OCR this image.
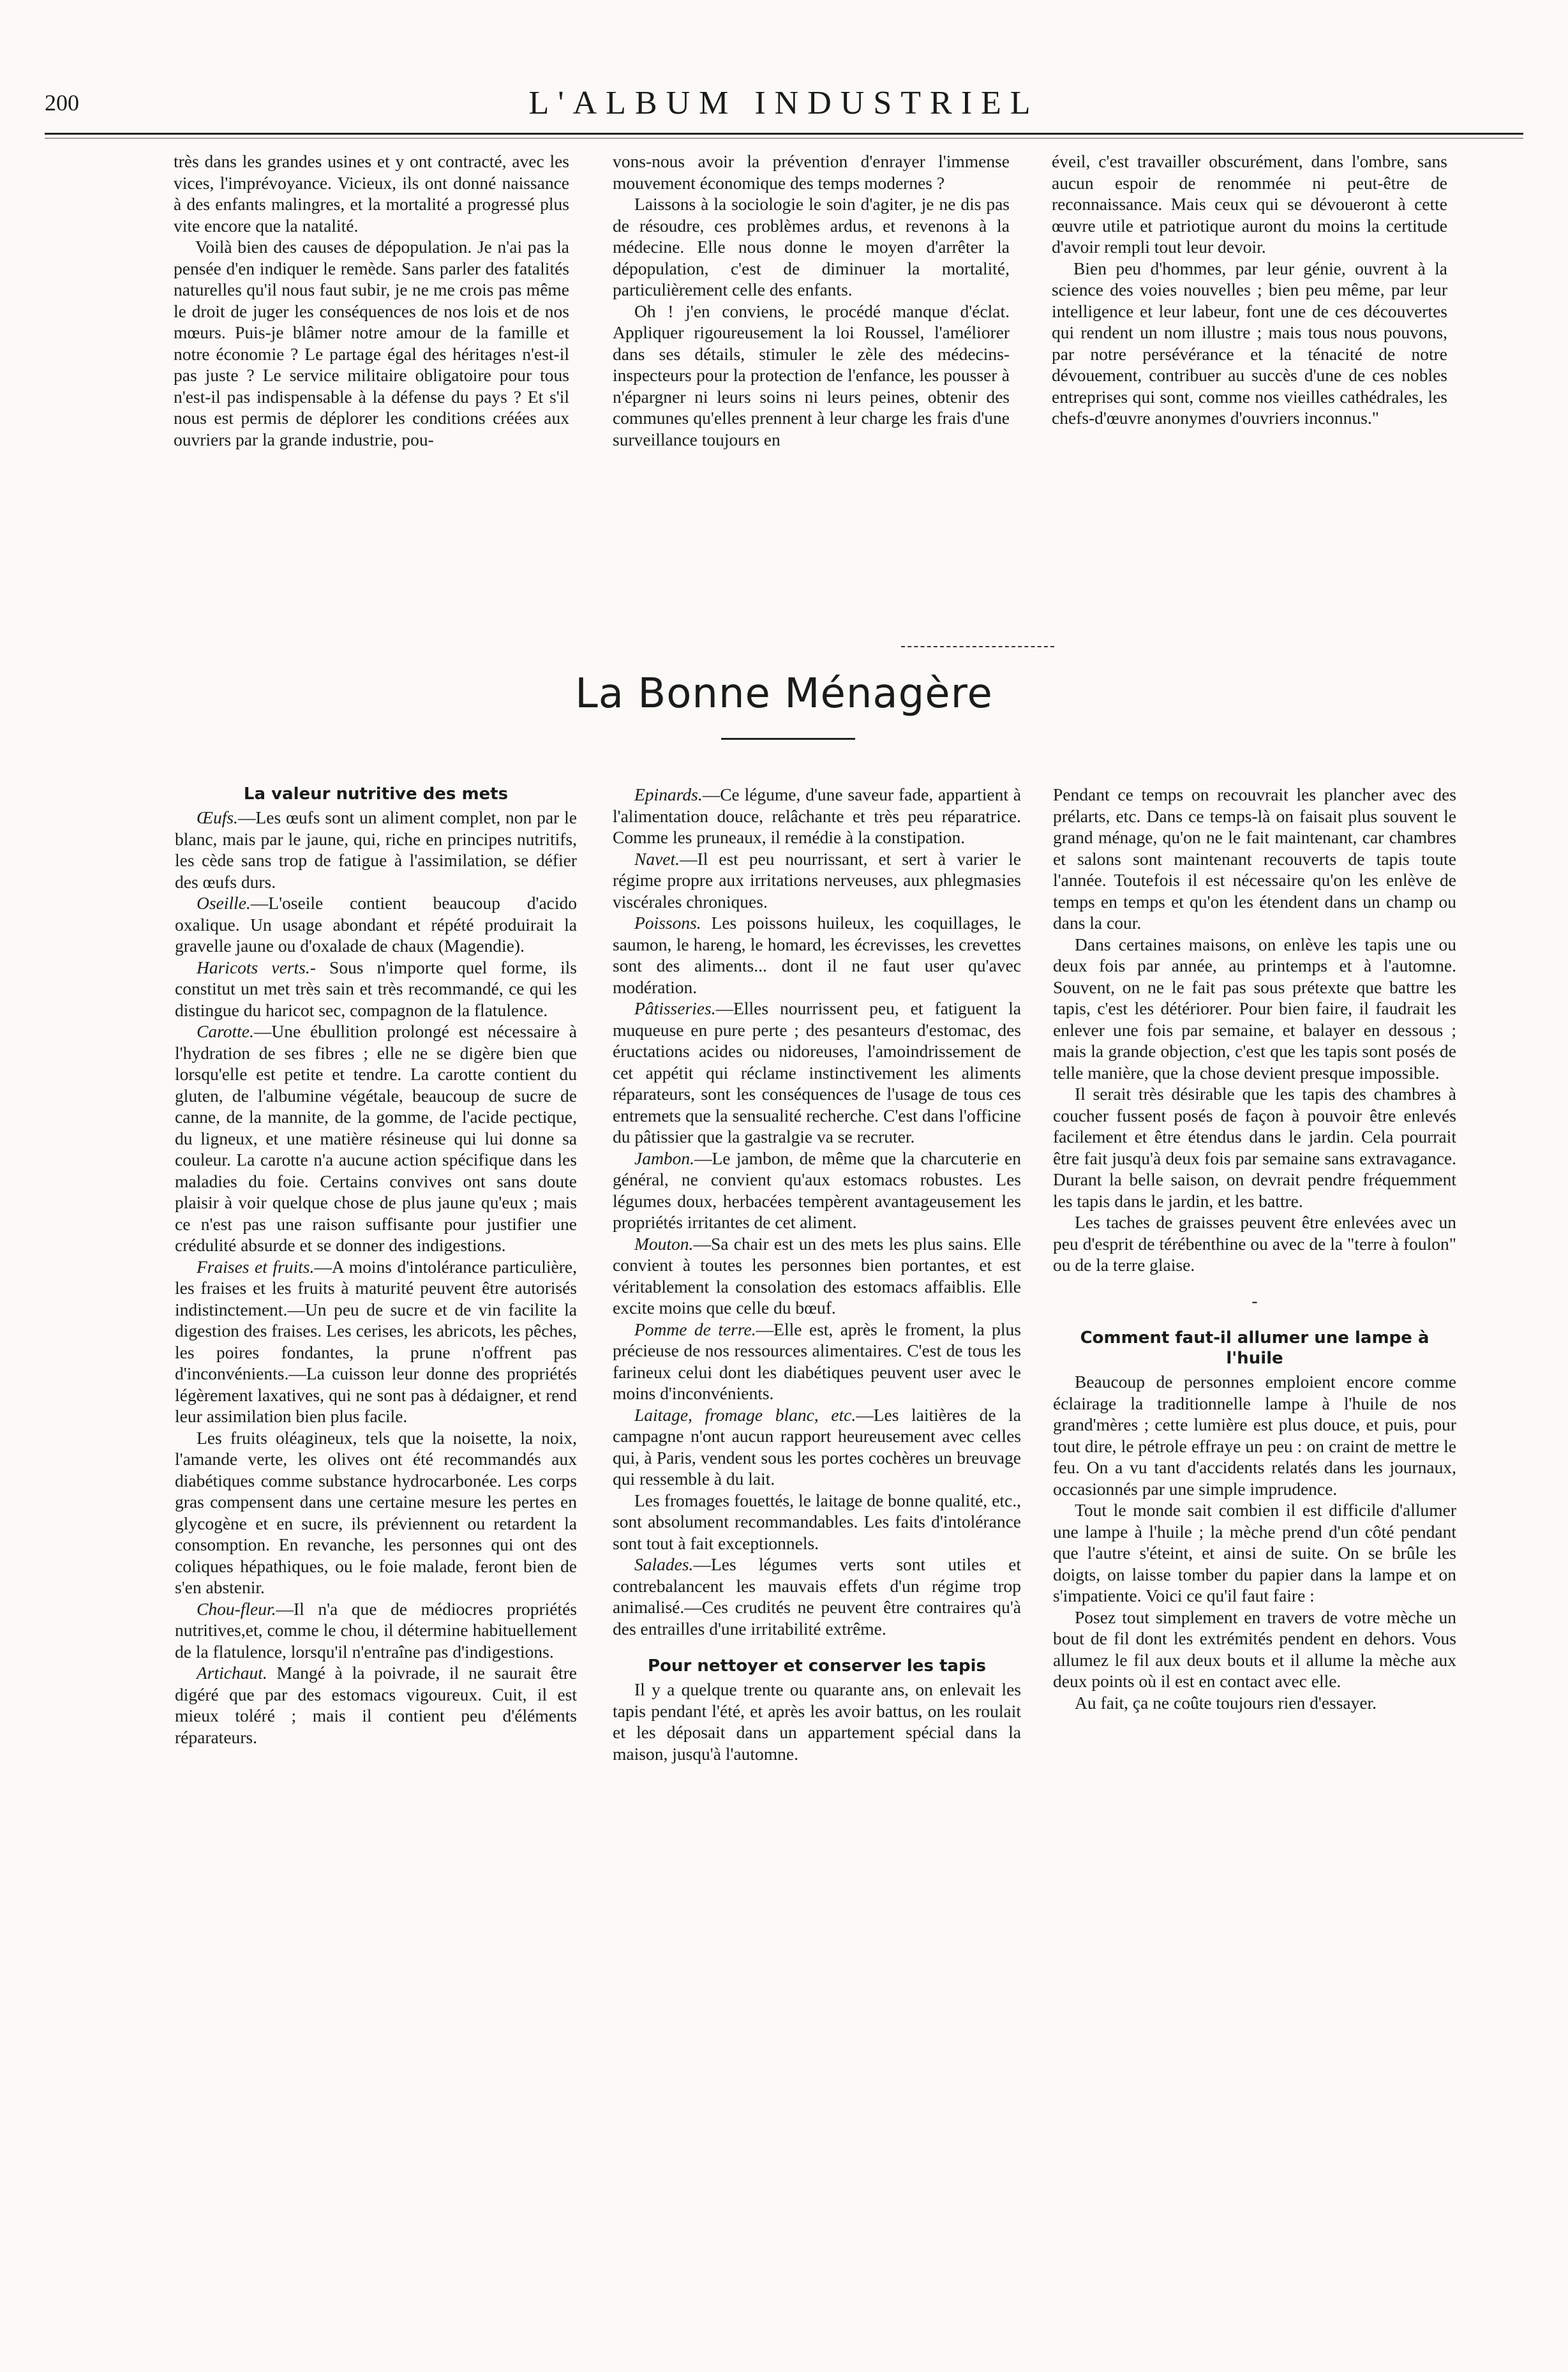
200	L'ALBUM INDUSTRIEL

très dans les grandes usines et y ont contracté, avec les vices, l'imprévoyance. Vicieux, ils ont donné naissance à des enfants malingres, et la mortalité a progressé plus vite encore que la natalité.

Voilà bien des causes de dépopulation. Je n'ai pas la pensée d'en indiquer le remède. Sans parler des fatalités naturelles qu'il nous faut subir, je ne me crois pas même le droit de juger les conséquences de nos lois et de nos mœurs. Puis-je blâmer notre amour de la famille et notre économie ? Le partage égal des héritages n'est-il pas juste ? Le service militaire obligatoire pour tous n'est-il pas indispensable à la défense du pays ? Et s'il nous est permis de déplorer les conditions créées aux ouvriers par la grande industrie, pou-

vons-nous avoir la prévention d'enrayer l'immense mouvement économique des temps modernes ?

Laissons à la sociologie le soin d'agiter, je ne dis pas de résoudre, ces problèmes ardus, et revenons à la médecine. Elle nous donne le moyen d'arrêter la dépopulation, c'est de diminuer la mortalité, particulièrement celle des enfants.

Oh ! j'en conviens, le procédé manque d'éclat. Appliquer rigoureusement la loi Roussel, l'améliorer dans ses détails, stimuler le zèle des médecins-inspecteurs pour la protection de l'enfance, les pousser à n'épargner ni leurs soins ni leurs peines, obtenir des communes qu'elles prennent à leur charge les frais d'une surveillance toujours en

éveil, c'est travailler obscurément, dans l'ombre, sans aucun espoir de renommée ni peut-être de reconnaissance. Mais ceux qui se dévoueront à cette œuvre utile et patriotique auront du moins la certitude d'avoir rempli tout leur devoir.

Bien peu d'hommes, par leur génie, ouvrent à la science des voies nouvelles ; bien peu même, par leur intelligence et leur labeur, font une de ces découvertes qui rendent un nom illustre ; mais tous nous pouvons, par notre persévérance et la ténacité de notre dévouement, contribuer au succès d'une de ces nobles entreprises qui sont, comme nos vieilles cathédrales, les chefs-d'œuvre anonymes d'ouvriers inconnus."

La Bonne Ménagère
La valeur nutritive des mets

Œufs.—Les œufs sont un aliment complet, non par le blanc, mais par le jaune, qui, riche en principes nutritifs, les cède sans trop de fatigue à l'assimilation, se défier des œufs durs.

Oseille.—L'oseile contient beaucoup d'acido oxalique. Un usage abondant et répété produirait la gravelle jaune ou d'oxalade de chaux (Magendie).

Haricots verts.- Sous n'importe quel forme, ils constitut un met très sain et très recommandé, ce qui les distingue du haricot sec, compagnon de la flatulence.

Carotte.—Une ébullition prolongé est nécessaire à l'hydration de ses fibres ; elle ne se digère bien que lorsqu'elle est petite et tendre. La carotte contient du gluten, de l'albumine végétale, beaucoup de sucre de canne, de la mannite, de la gomme, de l'acide pectique, du ligneux, et une matière résineuse qui lui donne sa couleur. La carotte n'a aucune action spécifique dans les maladies du foie. Certains convives ont sans doute plaisir à voir quelque chose de plus jaune qu'eux ; mais ce n'est pas une raison suffisante pour justifier une crédulité absurde et se donner des indigestions.

Fraises et fruits.—A moins d'intolérance particulière, les fraises et les fruits à maturité peuvent être autorisés indistinctement.—Un peu de sucre et de vin facilite la digestion des fraises. Les cerises, les abricots, les pêches, les poires fondantes, la prune n'offrent pas d'inconvénients.—La cuisson leur donne des propriétés légèrement laxatives, qui ne sont pas à dédaigner, et rend leur assimilation bien plus facile.

Les fruits oléagineux, tels que la noisette, la noix, l'amande verte, les olives ont été recommandés aux diabétiques comme substance hydrocarbonée. Les corps gras compensent dans une certaine mesure les pertes en glycogène et en sucre, ils préviennent ou retardent la consomption. En revanche, les personnes qui ont des coliques hépathiques, ou le foie malade, feront bien de s'en abstenir.

Chou-fleur.—Il n'a que de médiocres propriétés nutritives,et, comme le chou, il détermine habituellement de la flatulence, lorsqu'il n'entraîne pas d'indigestions.

Artichaut. Mangé à la poivrade, il ne saurait être digéré que par des estomacs vigoureux. Cuit, il est mieux toléré ; mais il contient peu d'éléments réparateurs.

Epinards.—Ce légume, d'une saveur fade, appartient à l'alimentation douce, relâchante et très peu réparatrice. Comme les pruneaux, il remédie à la constipation.

Navet.—Il est peu nourrissant, et sert à varier le régime propre aux irritations nerveuses, aux phlegmasies viscérales chroniques.

Poissons. Les poissons huileux, les coquillages, le saumon, le hareng, le homard, les écrevisses, les crevettes sont des aliments... dont il ne faut user qu'avec modération.

Pâtisseries.—Elles nourrissent peu, et fatiguent la muqueuse en pure perte ; des pesanteurs d'estomac, des éructations acides ou nidoreuses, l'amoindrissement de cet appétit qui réclame instinctivement les aliments réparateurs, sont les conséquences de l'usage de tous ces entremets que la sensualité recherche. C'est dans l'officine du pâtissier que la gastralgie va se recruter.

Jambon.—Le jambon, de même que la charcuterie en général, ne convient qu'aux estomacs robustes. Les légumes doux, herbacées tempèrent avantageusement les propriétés irritantes de cet aliment.

Mouton.—Sa chair est un des mets les plus sains. Elle convient à toutes les personnes bien portantes, et est véritablement la consolation des estomacs affaiblis. Elle excite moins que celle du bœuf.

Pomme de terre.—Elle est, après le froment, la plus précieuse de nos ressources alimentaires. C'est de tous les farineux celui dont les diabétiques peuvent user avec le moins d'inconvénients.

Laitage, fromage blanc, etc.—Les laitières de la campagne n'ont aucun rapport heureusement avec celles qui, à Paris, vendent sous les portes cochères un breuvage qui ressemble à du lait.

Les fromages fouettés, le laitage de bonne qualité, etc., sont absolument recommandables. Les faits d'intolérance sont tout à fait exceptionnels.

Salades.—Les légumes verts sont utiles et contrebalancent les mauvais effets d'un régime trop animalisé.—Ces crudités ne peuvent être contraires qu'à des entrailles d'une irritabilité extrême.

Pour nettoyer et conserver les tapis

Il y a quelque trente ou quarante ans, on enlevait les tapis pendant l'été, et après les avoir battus, on les roulait et les déposait dans un appartement spécial dans la maison, jusqu'à l'automne.

Pendant ce temps on recouvrait les plancher avec des prélarts, etc. Dans ce temps-là on faisait plus souvent le grand ménage, qu'on ne le fait maintenant, car chambres et salons sont maintenant recouverts de tapis toute l'année. Toutefois il est nécessaire qu'on les enlève de temps en temps et qu'on les étendent dans un champ ou dans la cour.

Dans certaines maisons, on enlève les tapis une ou deux fois par année, au printemps et à l'automne. Souvent, on ne le fait pas sous prétexte que battre les tapis, c'est les détériorer. Pour bien faire, il faudrait les enlever une fois par semaine, et balayer en dessous ; mais la grande objection, c'est que les tapis sont posés de telle manière, que la chose devient presque impossible.

Il serait très désirable que les tapis des chambres à coucher fussent posés de façon à pouvoir être enlevés facilement et être étendus dans le jardin. Cela pourrait être fait jusqu'à deux fois par semaine sans extravagance. Durant la belle saison, on devrait pendre fréquemment les tapis dans le jardin, et les battre.

Les taches de graisses peuvent être enlevées avec un peu d'esprit de térébenthine ou avec de la "terre à foulon" ou de la terre glaise.

-
Comment faut-il allumer une lampe à l'huile

Beaucoup de personnes emploient encore comme éclairage la traditionnelle lampe à l'huile de nos grand'mères ; cette lumière est plus douce, et puis, pour tout dire, le pétrole effraye un peu : on craint de mettre le feu. On a vu tant d'accidents relatés dans les journaux, occasionnés par une simple imprudence.

Tout le monde sait combien il est difficile d'allumer une lampe à l'huile ; la mèche prend d'un côté pendant que l'autre s'éteint, et ainsi de suite. On se brûle les doigts, on laisse tomber du papier dans la lampe et on s'impatiente. Voici ce qu'il faut faire :

Posez tout simplement en travers de votre mèche un bout de fil dont les extrémités pendent en dehors. Vous allumez le fil aux deux bouts et il allume la mèche aux deux points où il est en contact avec elle.

Au fait, ça ne coûte toujours rien d'essayer.
